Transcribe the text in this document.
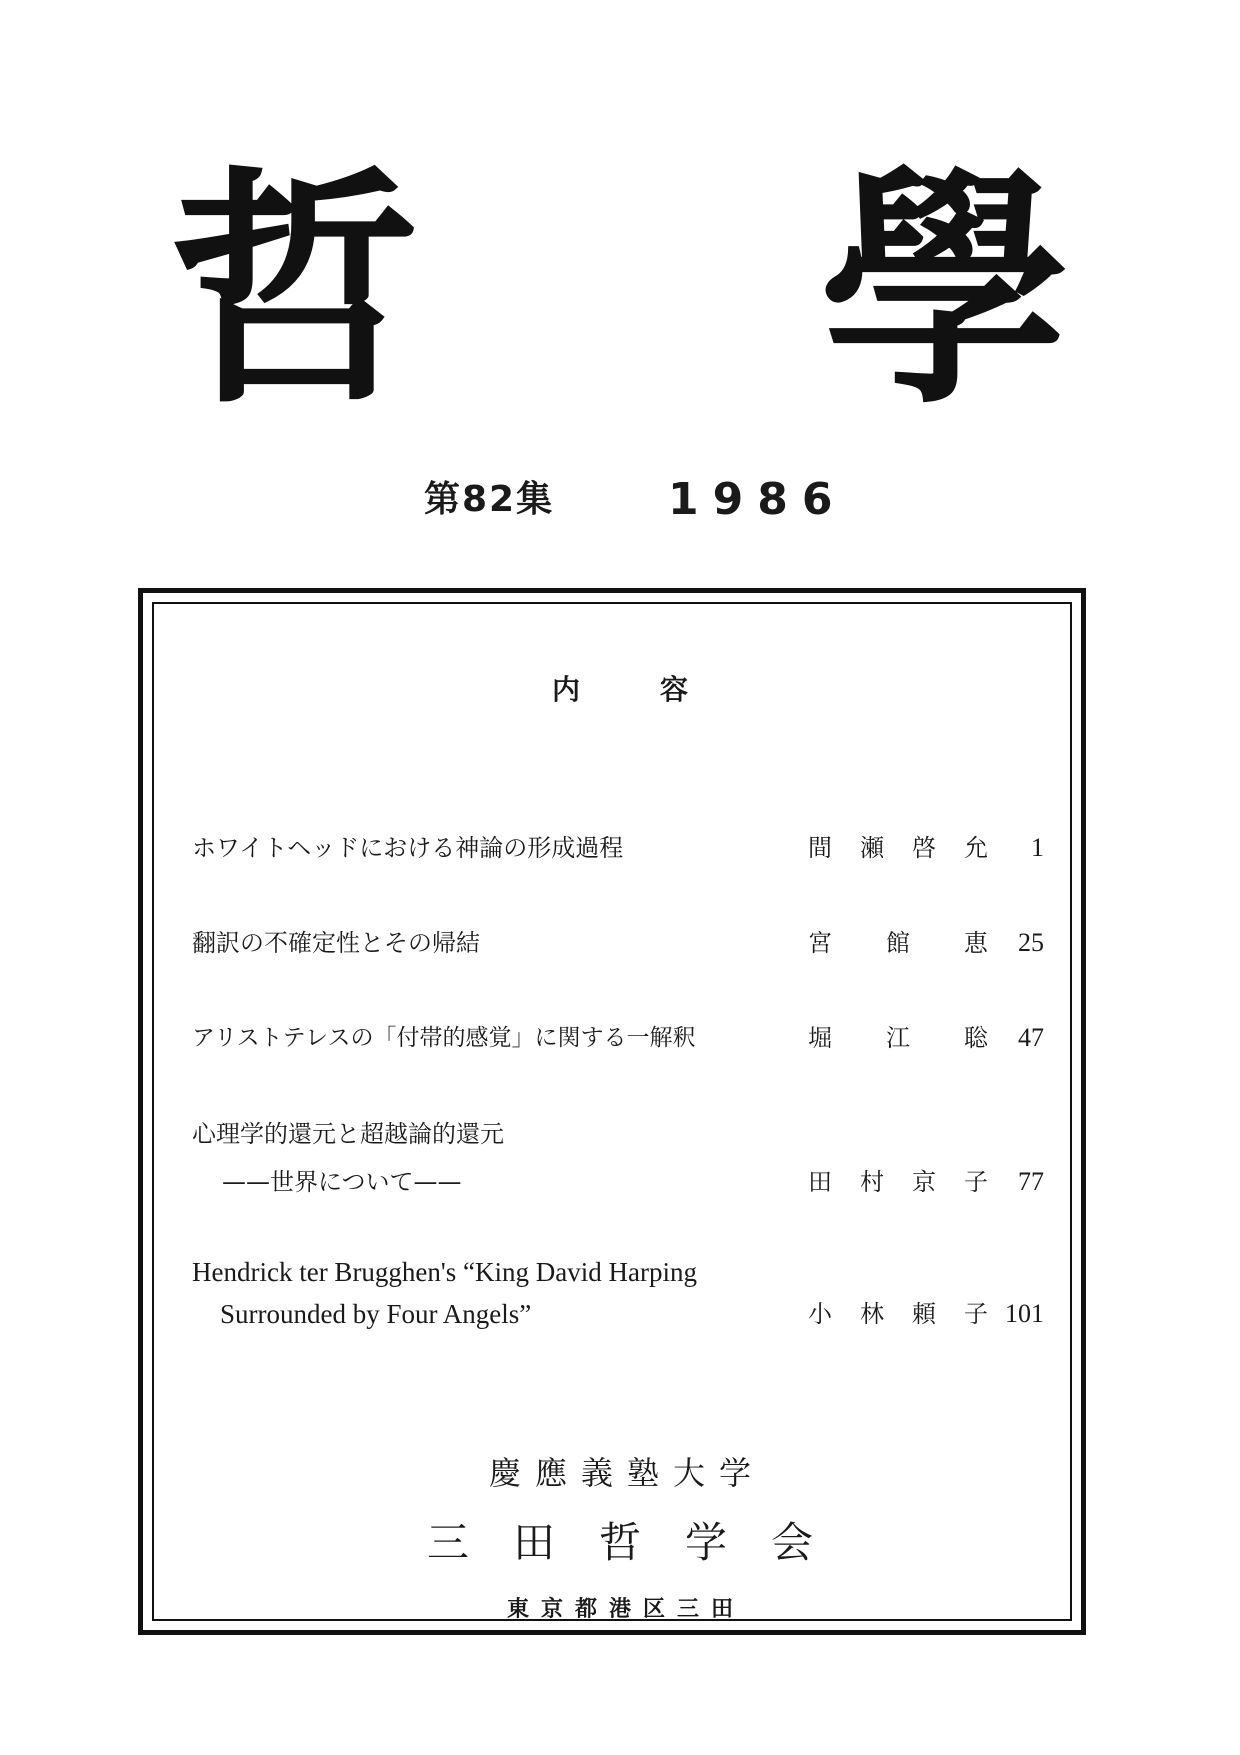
哲 學
第82集	1986
内容
ホワイトヘッドにおける神論の形成過程	間瀬啓允 1
翻訳の不確定性とその帰結	宮館恵 25
アリストテレスの「付帯的感覚」に関する一解釈	堀江聡 47
心理学的還元と超越論的還元
——世界について——	田村京子 77
Hendrick ter Brugghen's “King David Harping
Surrounded by Four Angels”	小林頼子 101
慶應義塾大学
三田哲学会
東京都港区三田
